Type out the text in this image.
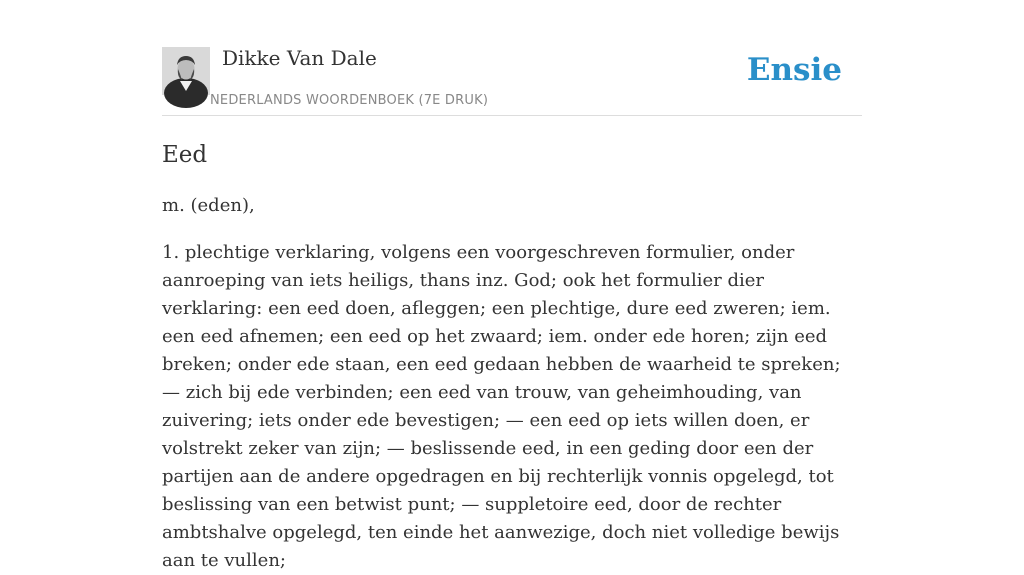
Dikke Van Dale
NEDERLANDS WOORDENBOEK (7E DRUK)
Ensie
Eed

m. (eden),

1. plechtige verklaring, volgens een voorgeschreven formulier, onder aanroeping van iets heiligs, thans inz. God; ook het formulier dier verklaring: een eed doen, afleggen; een plechtige, dure eed zweren; iem. een eed afnemen; een eed op het zwaard; iem. onder ede horen; zijn eed breken; onder ede staan, een eed gedaan hebben de waarheid te spreken; — zich bij ede verbinden; een eed van trouw, van geheimhouding, van zuivering; iets onder ede bevestigen; — een eed op iets willen doen, er volstrekt zeker van zijn; — beslissende eed, in een geding door een der partijen aan de andere opgedragen en bij rechterlijk vonnis opgelegd, tot beslissing van een betwist punt; — suppletoire eed, door de rechter ambtshalve opgelegd, ten einde het aanwezige, doch niet volledige bewijs aan te vullen;
